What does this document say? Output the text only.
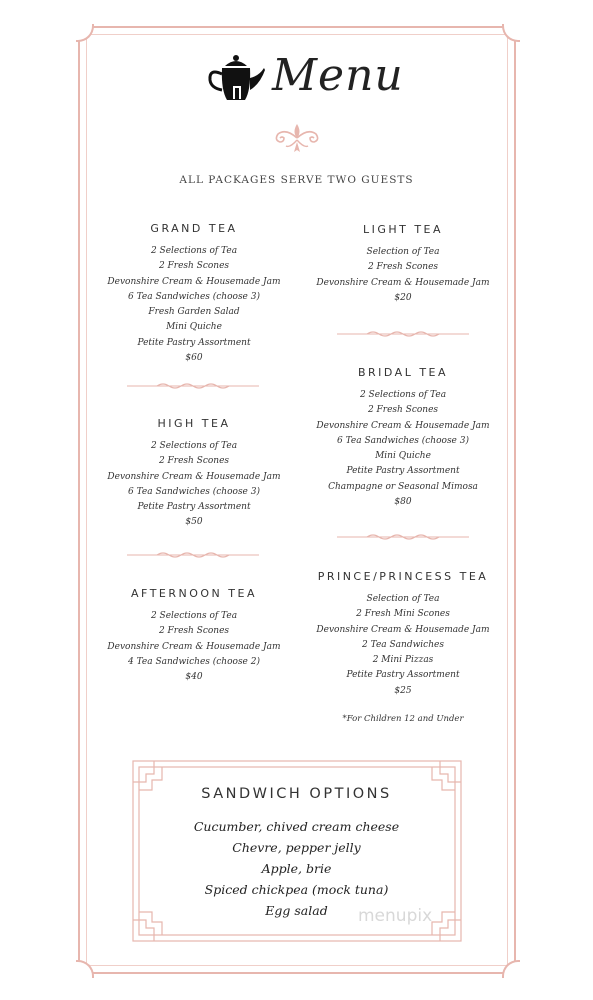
Menu
ALL PACKAGES SERVE TWO GUESTS
GRAND TEA
2 Selections of Tea
2 Fresh Scones
Devonshire Cream & Housemade Jam
6 Tea Sandwiches (choose 3)
Fresh Garden Salad
Mini Quiche
Petite Pastry Assortment
$60
HIGH TEA
2 Selections of Tea
2 Fresh Scones
Devonshire Cream & Housemade Jam
6 Tea Sandwiches (choose 3)
Petite Pastry Assortment
$50
AFTERNOON TEA
2 Selections of Tea
2 Fresh Scones
Devonshire Cream & Housemade Jam
4 Tea Sandwiches (choose 2)
$40
LIGHT TEA
Selection of Tea
2 Fresh Scones
Devonshire Cream & Housemade Jam
$20
BRIDAL TEA
2 Selections of Tea
2 Fresh Scones
Devonshire Cream & Housemade Jam
6 Tea Sandwiches (choose 3)
Mini Quiche
Petite Pastry Assortment
Champagne or Seasonal Mimosa
$80
PRINCE/PRINCESS TEA
Selection of Tea
2 Fresh Mini Scones
Devonshire Cream & Housemade Jam
2 Tea Sandwiches
2 Mini Pizzas
Petite Pastry Assortment
$25
*For Children 12 and Under
SANDWICH OPTIONS
Cucumber, chived cream cheese
Chevre, pepper jelly
Apple, brie
Spiced chickpea (mock tuna)
Egg salad	menupix
